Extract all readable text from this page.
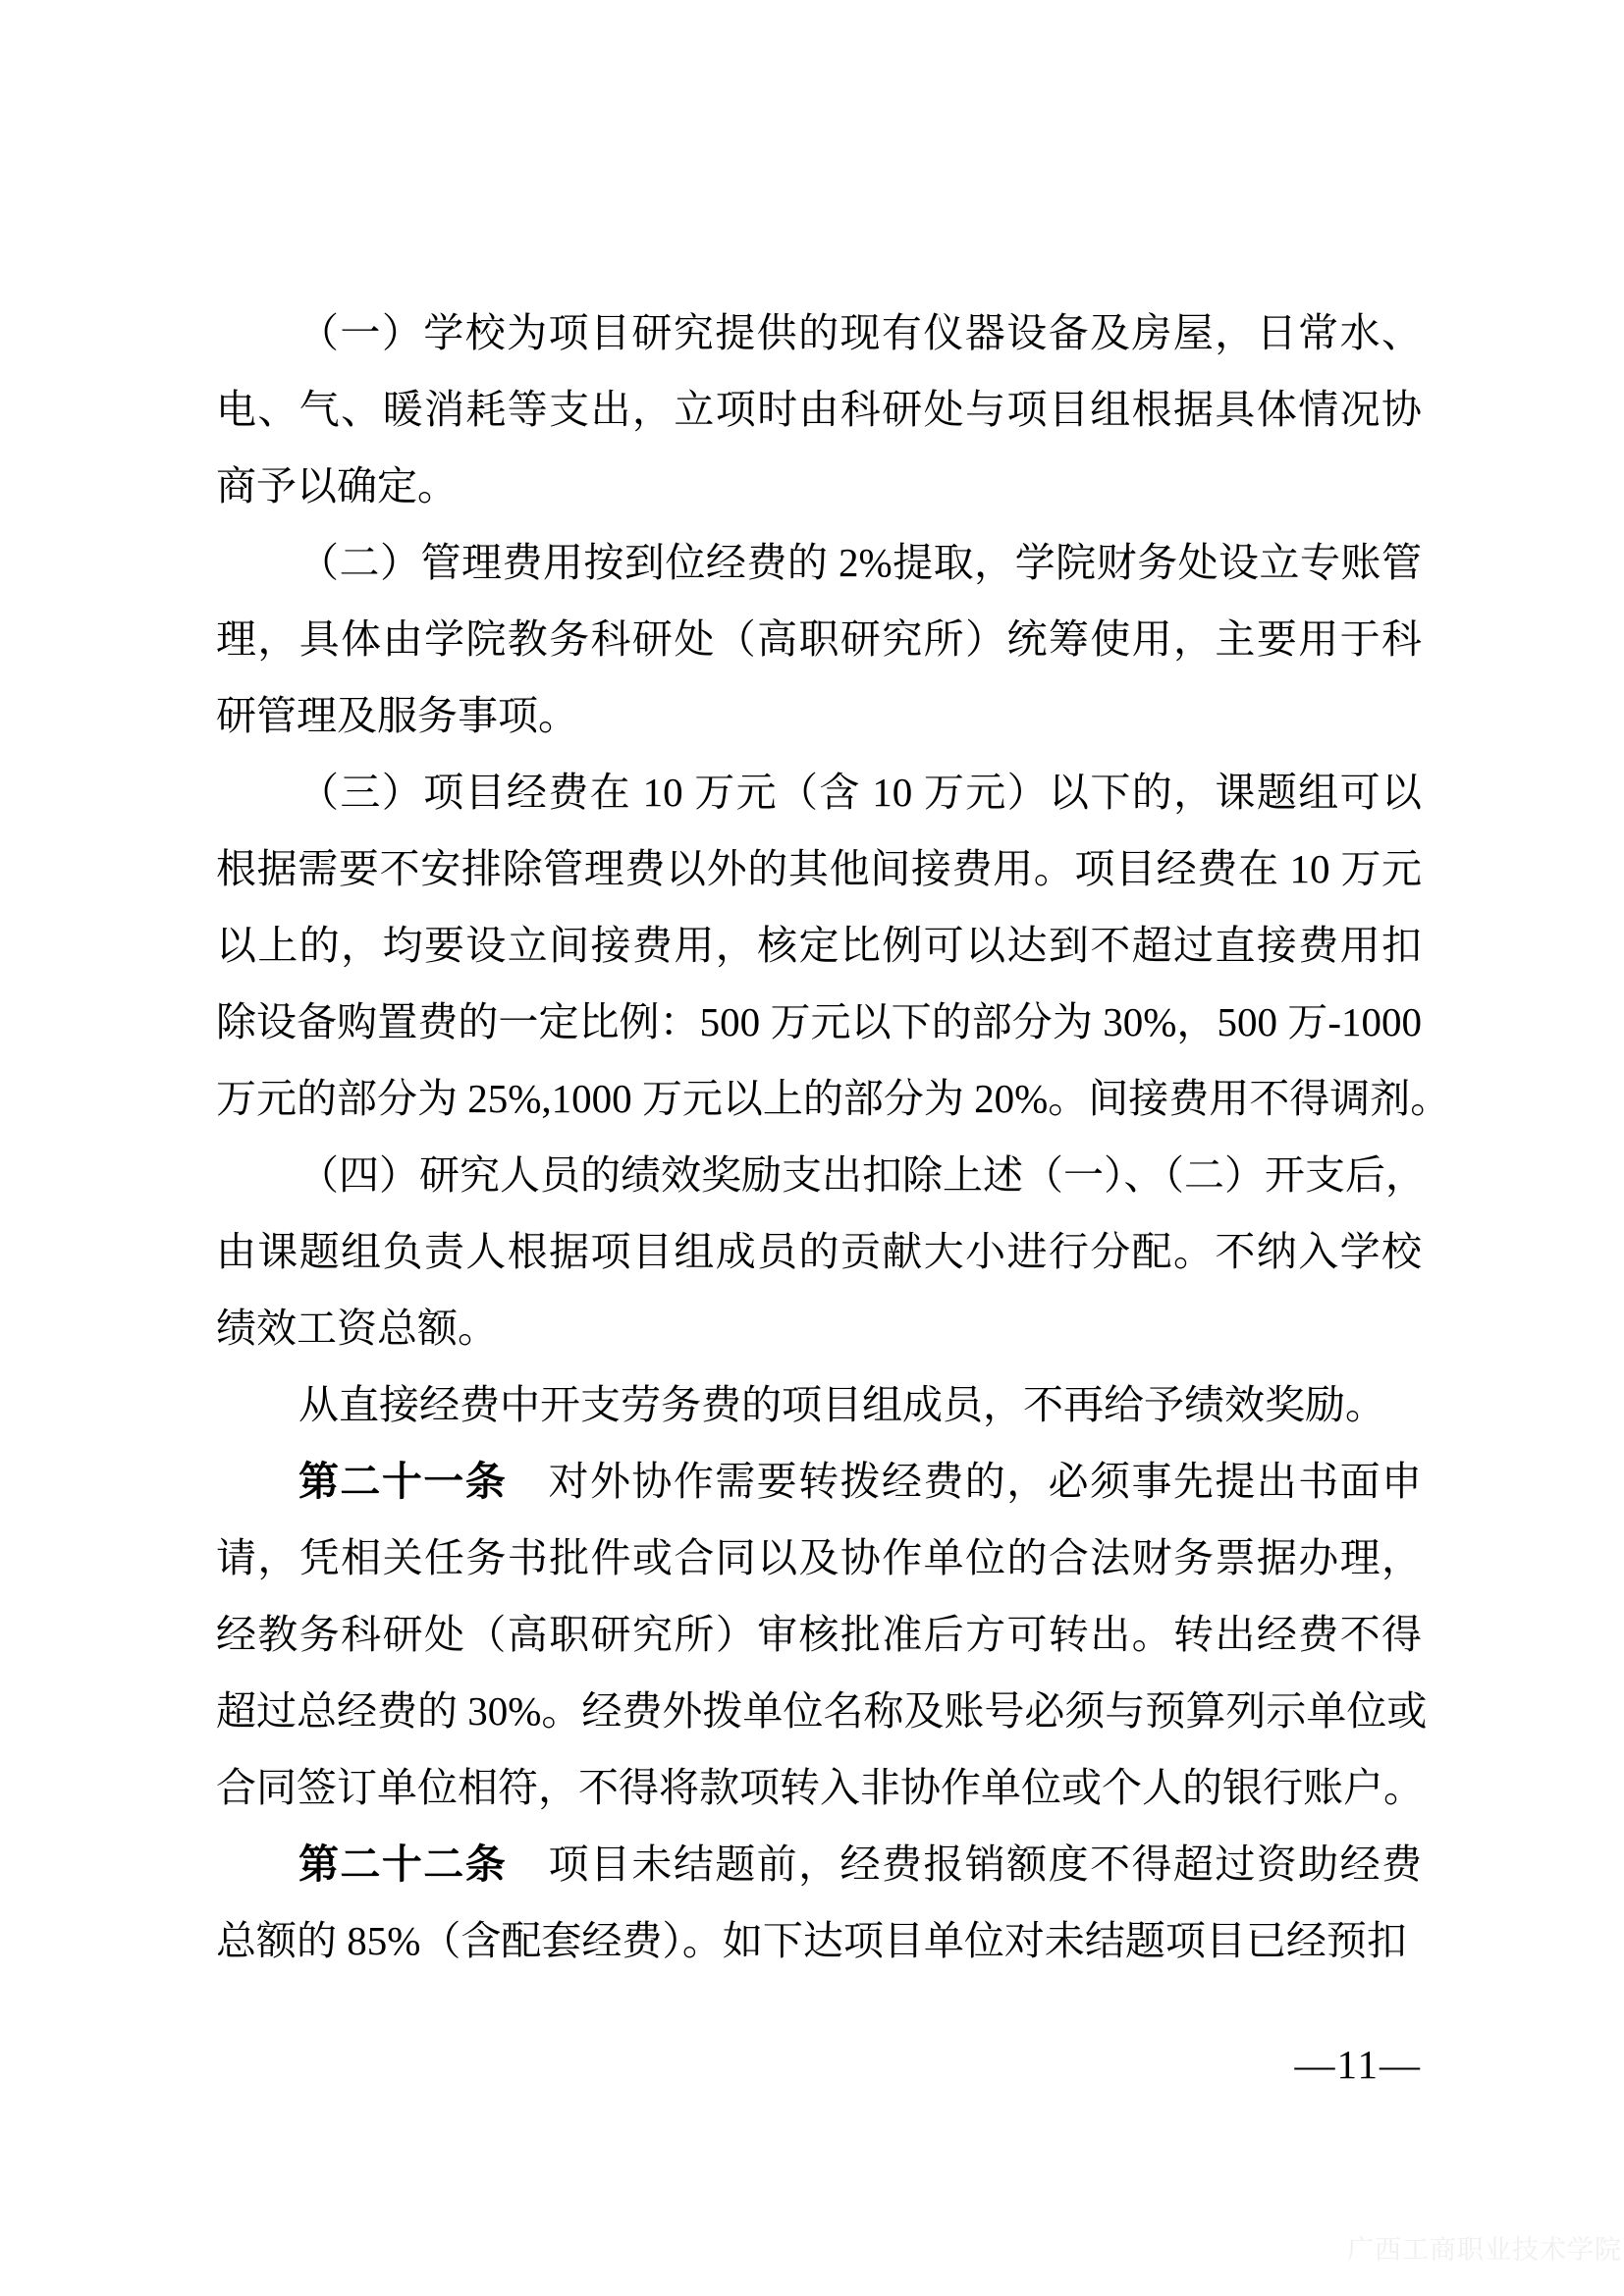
（一）学校为项目研究提供的现有仪器设备及房屋，日常水、
电、气、暖消耗等支出，立项时由科研处与项目组根据具体情况协
商予以确定。
（二）管理费用按到位经费的 2%提取，学院财务处设立专账管
理，具体由学院教务科研处（高职研究所）统筹使用，主要用于科
研管理及服务事项。
（三）项目经费在 10 万元（含 10 万元）以下的，课题组可以
根据需要不安排除管理费以外的其他间接费用。项目经费在 10 万元
以上的，均要设立间接费用，核定比例可以达到不超过直接费用扣
除设备购置费的一定比例：500 万元以下的部分为 30%，500 万-1000
万元的部分为 25%,1000 万元以上的部分为 20%。间接费用不得调剂。
（四）研究人员的绩效奖励支出扣除上述（一）、（二）开支后，
由课题组负责人根据项目组成员的贡献大小进行分配。不纳入学校
绩效工资总额。
从直接经费中开支劳务费的项目组成员，不再给予绩效奖励。
第二十一条　对外协作需要转拨经费的，必须事先提出书面申
请，凭相关任务书批件或合同以及协作单位的合法财务票据办理，
经教务科研处（高职研究所）审核批准后方可转出。转出经费不得
超过总经费的 30%。经费外拨单位名称及账号必须与预算列示单位或
合同签订单位相符，不得将款项转入非协作单位或个人的银行账户。
第二十二条　项目未结题前，经费报销额度不得超过资助经费
总额的 85%（含配套经费）。如下达项目单位对未结题项目已经预扣
—11—
广西工商职业技术学院
